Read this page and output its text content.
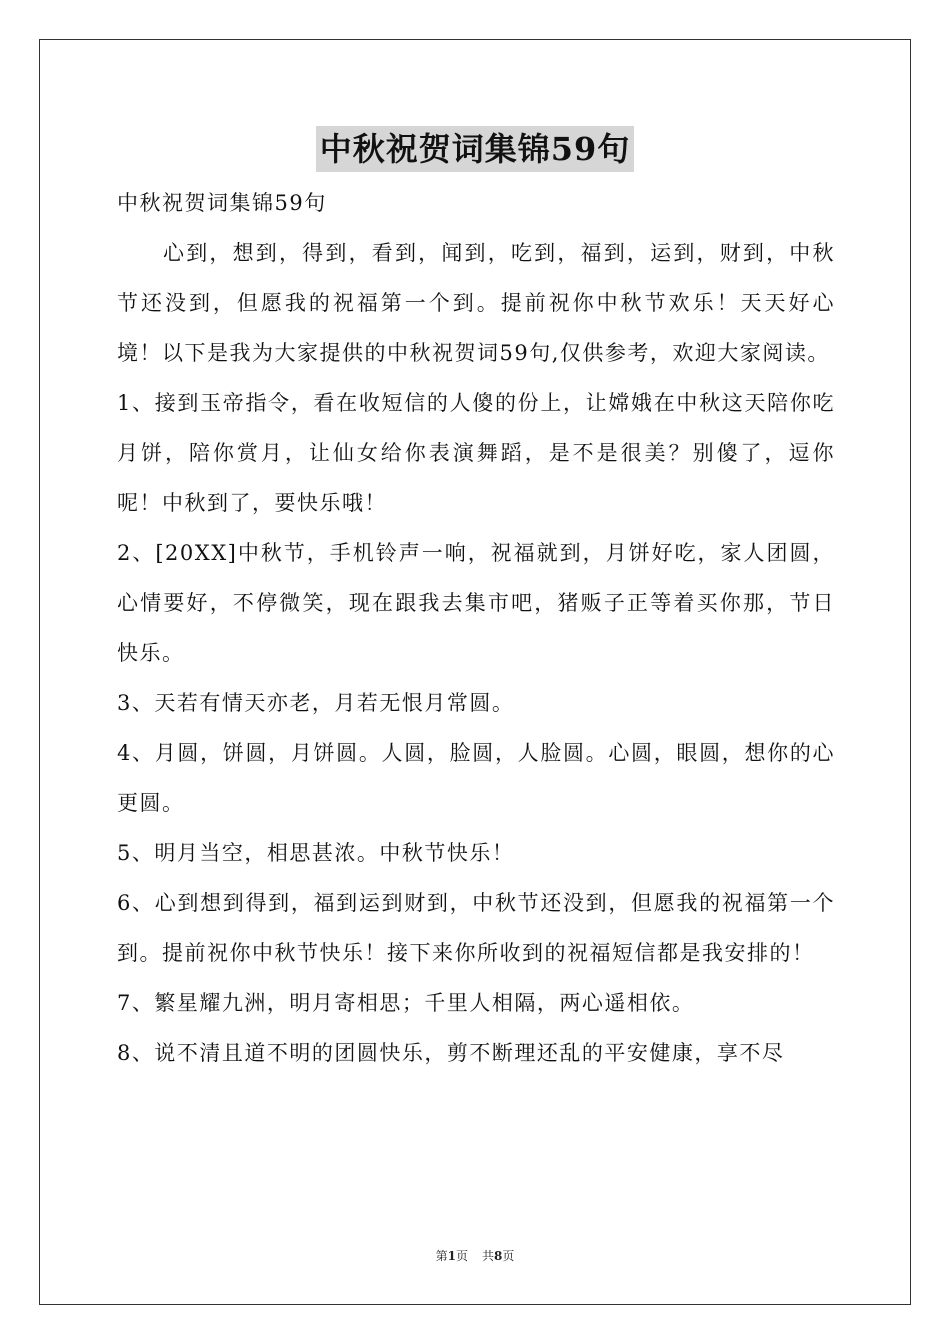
中秋祝贺词集锦59句

中秋祝贺词集锦59句

心到，想到，得到，看到，闻到，吃到，福到，运到，财到，中秋节还没到，但愿我的祝福第一个到。提前祝你中秋节欢乐！天天好心境！以下是我为大家提供的中秋祝贺词59句,仅供参考，欢迎大家阅读。

1、接到玉帝指令，看在收短信的人傻的份上，让嫦娥在中秋这天陪你吃月饼，陪你赏月，让仙女给你表演舞蹈，是不是很美？别傻了，逗你呢！中秋到了，要快乐哦！

2、[20XX]中秋节，手机铃声一响，祝福就到，月饼好吃，家人团圆，心情要好，不停微笑，现在跟我去集市吧，猪贩子正等着买你那，节日快乐。

3、天若有情天亦老，月若无恨月常圆。

4、月圆，饼圆，月饼圆。人圆，脸圆，人脸圆。心圆，眼圆，想你的心更圆。

5、明月当空，相思甚浓。中秋节快乐！

6、心到想到得到，福到运到财到，中秋节还没到，但愿我的祝福第一个到。提前祝你中秋节快乐！接下来你所收到的祝福短信都是我安排的！

7、繁星耀九洲，明月寄相思；千里人相隔，两心遥相依。

8、说不清且道不明的团圆快乐，剪不断理还乱的平安健康，享不尽

第1页 共8页
